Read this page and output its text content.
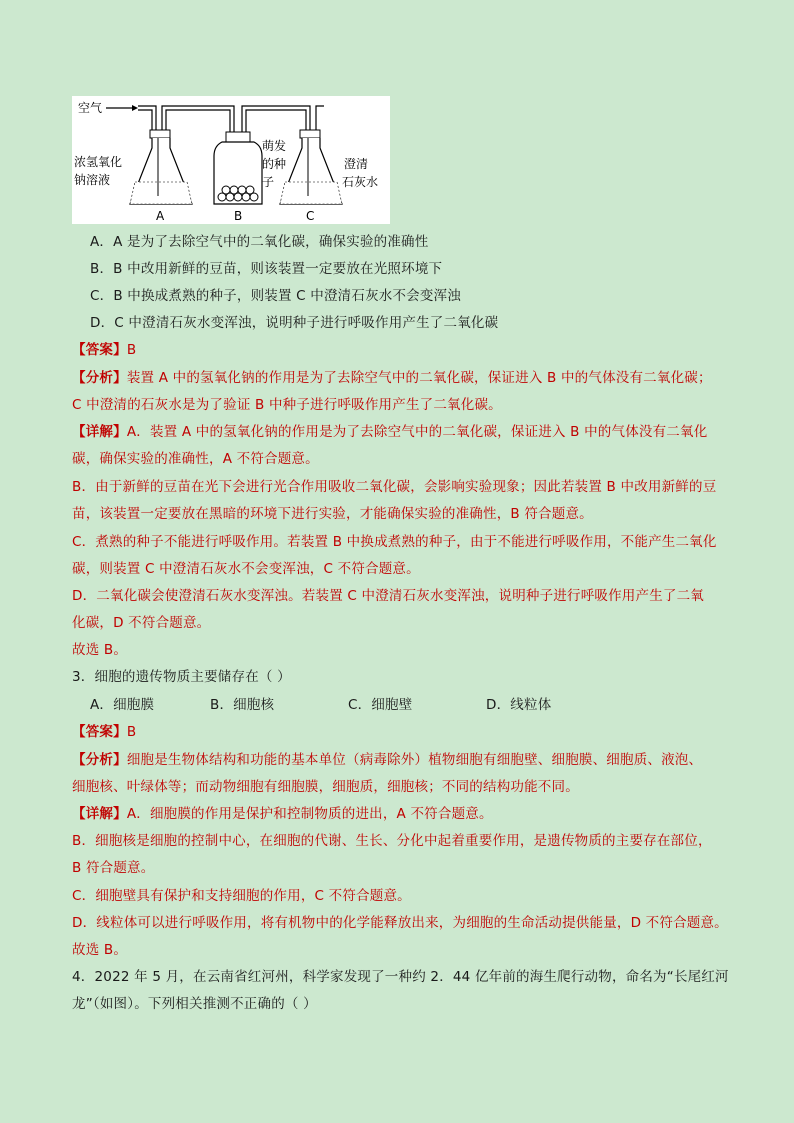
空气
浓氢氧化
钠溶液
萌发
的种
子
澄清
石灰水
A	B	C
A．A 是为了去除空气中的二氧化碳，确保实验的准确性
B．B 中改用新鲜的豆苗，则该装置一定要放在光照环境下
C．B 中换成煮熟的种子，则装置 C 中澄清石灰水不会变浑浊
D．C 中澄清石灰水变浑浊，说明种子进行呼吸作用产生了二氧化碳
【答案】B
【分析】装置 A 中的氢氧化钠的作用是为了去除空气中的二氧化碳，保证进入 B 中的气体没有二氧化碳；
C 中澄清的石灰水是为了验证 B 中种子进行呼吸作用产生了二氧化碳。
【详解】A．装置 A 中的氢氧化钠的作用是为了去除空气中的二氧化碳，保证进入 B 中的气体没有二氧化
碳，确保实验的准确性，A 不符合题意。
B．由于新鲜的豆苗在光下会进行光合作用吸收二氧化碳，会影响实验现象；因此若装置 B 中改用新鲜的豆
苗，该装置一定要放在黑暗的环境下进行实验，才能确保实验的准确性，B 符合题意。
C．煮熟的种子不能进行呼吸作用。若装置 B 中换成煮熟的种子，由于不能进行呼吸作用，不能产生二氧化
碳，则装置 C 中澄清石灰水不会变浑浊，C 不符合题意。
D．二氧化碳会使澄清石灰水变浑浊。若装置 C 中澄清石灰水变浑浊，说明种子进行呼吸作用产生了二氧
化碳，D 不符合题意。
故选 B。
3．细胞的遗传物质主要储存在（ ）
A．细胞膜	B．细胞核	C．细胞壁	D．线粒体
【答案】B
【分析】细胞是生物体结构和功能的基本单位（病毒除外）植物细胞有细胞壁、细胞膜、细胞质、液泡、
细胞核、叶绿体等；而动物细胞有细胞膜，细胞质，细胞核；不同的结构功能不同。
【详解】A．细胞膜的作用是保护和控制物质的进出，A 不符合题意。
B．细胞核是细胞的控制中心，在细胞的代谢、生长、分化中起着重要作用，是遗传物质的主要存在部位，
B 符合题意。
C．细胞壁具有保护和支持细胞的作用，C 不符合题意。
D．线粒体可以进行呼吸作用，将有机物中的化学能释放出来，为细胞的生命活动提供能量，D 不符合题意。
故选 B。
4．2022 年 5 月，在云南省红河州，科学家发现了一种约 2．44 亿年前的海生爬行动物，命名为“长尾红河
龙”（如图）。下列相关推测不正确的（ ）
